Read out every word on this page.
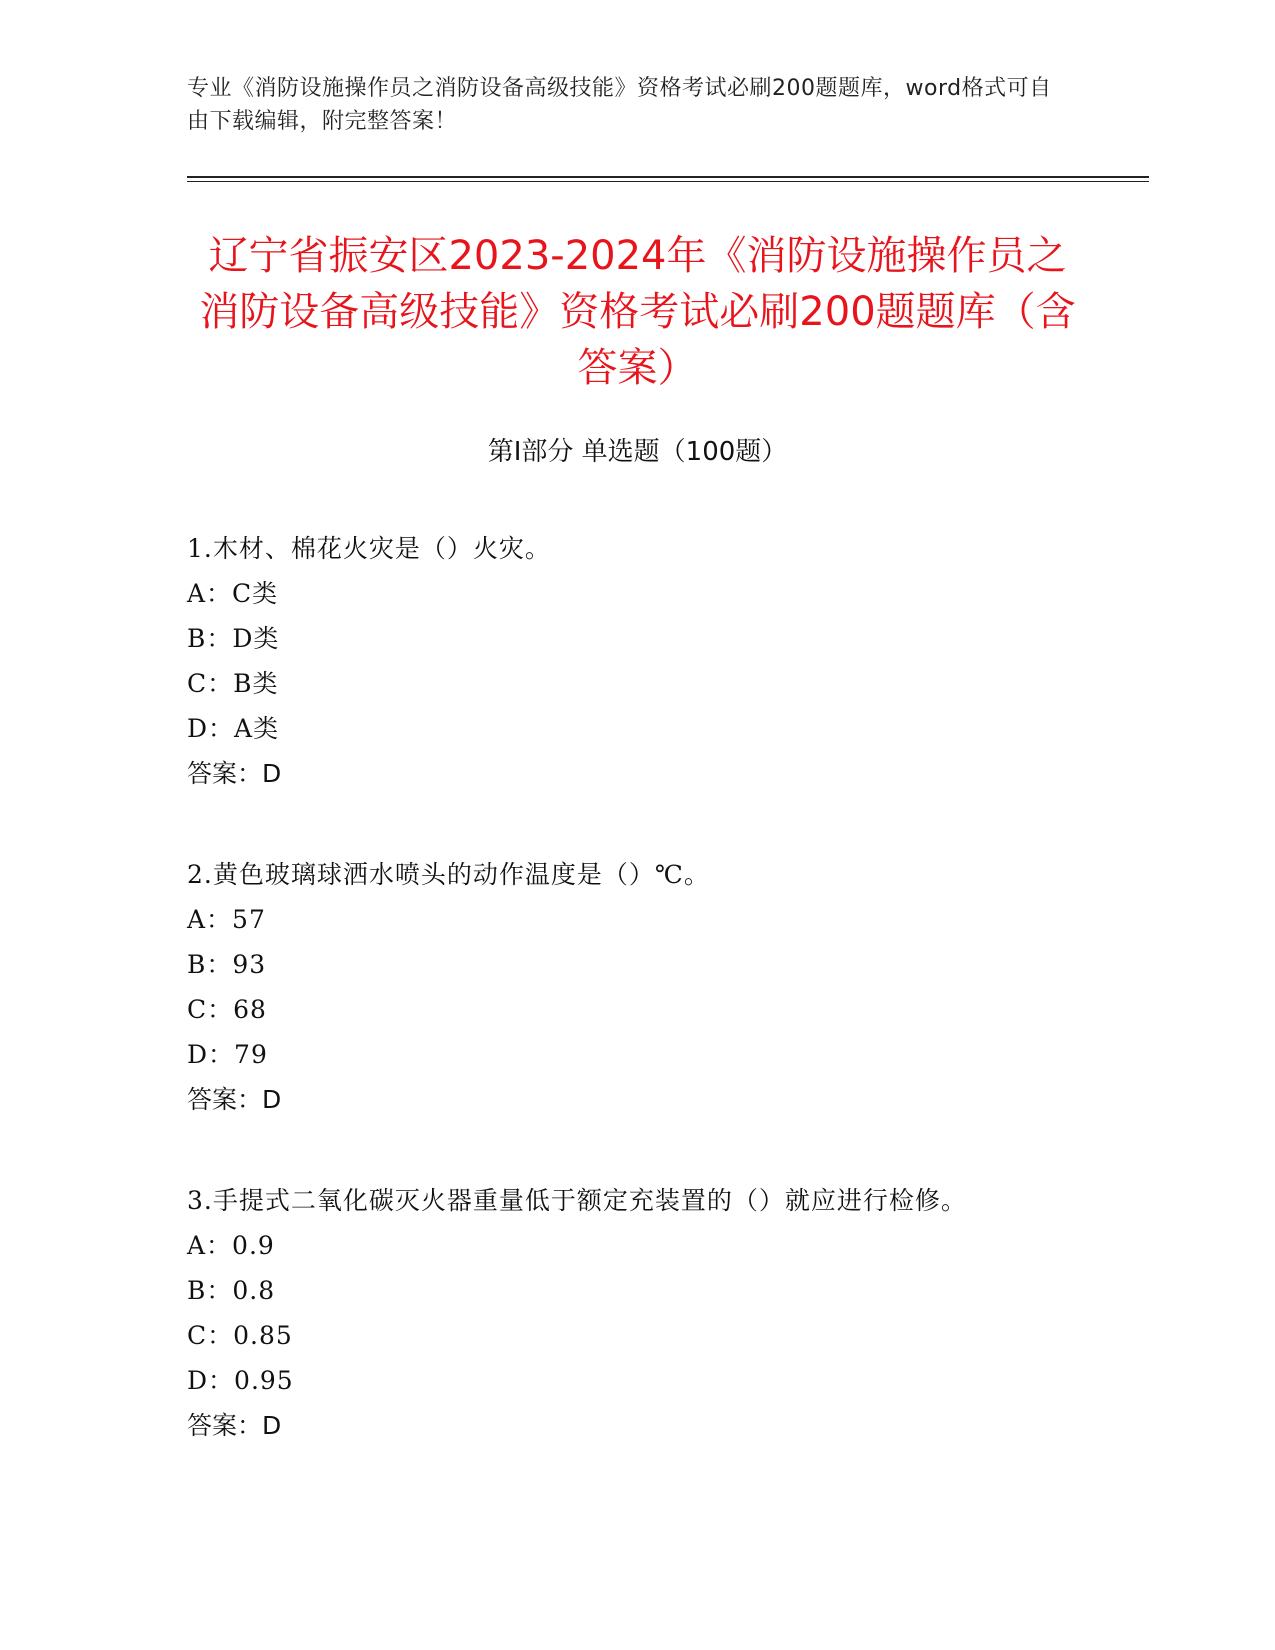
专业《消防设施操作员之消防设备高级技能》资格考试必刷200题题库，word格式可自由下载编辑，附完整答案！
辽宁省振安区2023-2024年《消防设施操作员之消防设备高级技能》资格考试必刷200题题库（含答案）
第Ⅰ部分 单选题（100题）
1.木材、棉花火灾是（）火灾。
A：C类
B：D类
C：B类
D：A类
答案：D
2.黄色玻璃球洒水喷头的动作温度是（）℃。
A：57
B：93
C：68
D：79
答案：D
3.手提式二氧化碳灭火器重量低于额定充装置的（）就应进行检修。
A：0.9
B：0.8
C：0.85
D：0.95
答案：D
